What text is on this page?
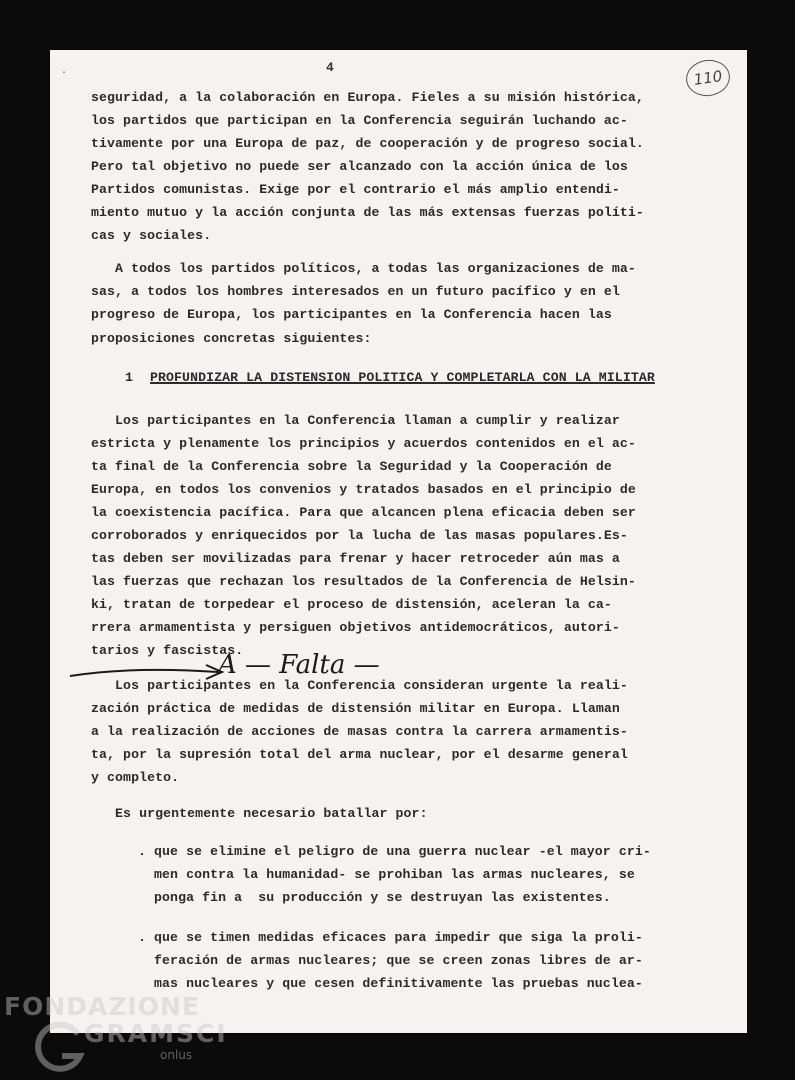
·	4	110

seguridad, a la colaboración en Europa. Fieles a su misión histórica,

los partidos que participan en la Conferencia seguirán luchando ac-

tivamente por una Europa de paz, de cooperación y de progreso social.

Pero tal objetivo no puede ser alcanzado con la acción única de los

Partidos comunistas. Exige por el contrario el más amplio entendi-

miento mutuo y la acción conjunta de las más extensas fuerzas políti-

cas y sociales.

A todos los partidos políticos, a todas las organizaciones de ma-

sas, a todos los hombres interesados en un futuro pacífico y en el

progreso de Europa, los participantes en la Conferencia hacen las

proposiciones concretas siguientes:

1 PROFUNDIZAR LA DISTENSION POLITICA Y COMPLETARLA CON LA MILITAR

Los participantes en la Conferencia llaman a cumplir y realizar

estricta y plenamente los principios y acuerdos contenidos en el ac-

ta final de la Conferencia sobre la Seguridad y la Cooperación de

Europa, en todos los convenios y tratados basados en el principio de

la coexistencia pacífica. Para que alcancen plena eficacia deben ser

corroborados y enriquecidos por la lucha de las masas populares.Es-

tas deben ser movilizadas para frenar y hacer retroceder aún mas a

las fuerzas que rechazan los resultados de la Conferencia de Helsin-

ki, tratan de torpedear el proceso de distensión, aceleran la ca-

rrera armamentista y persiguen objetivos antidemocráticos, autori-

tarios y fascistas.

A — Falta —

Los participantes en la Conferencia consideran urgente la reali-

zación práctica de medidas de distensión militar en Europa. Llaman

a la realización de acciones de masas contra la carrera armamentis-

ta, por la supresión total del arma nuclear, por el desarme general

y completo.

Es urgentemente necesario batallar por:

. que se elimine el peligro de una guerra nuclear -el mayor cri-

men contra la humanidad- se prohiban las armas nucleares, se

ponga fin a  su producción y se destruyan las existentes.

. que se timen medidas eficaces para impedir que siga la proli-

feración de armas nucleares; que se creen zonas libres de ar-

mas nucleares y que cesen definitivamente las pruebas nuclea-

FONDAZIONE
GRAMSCI
onlus
